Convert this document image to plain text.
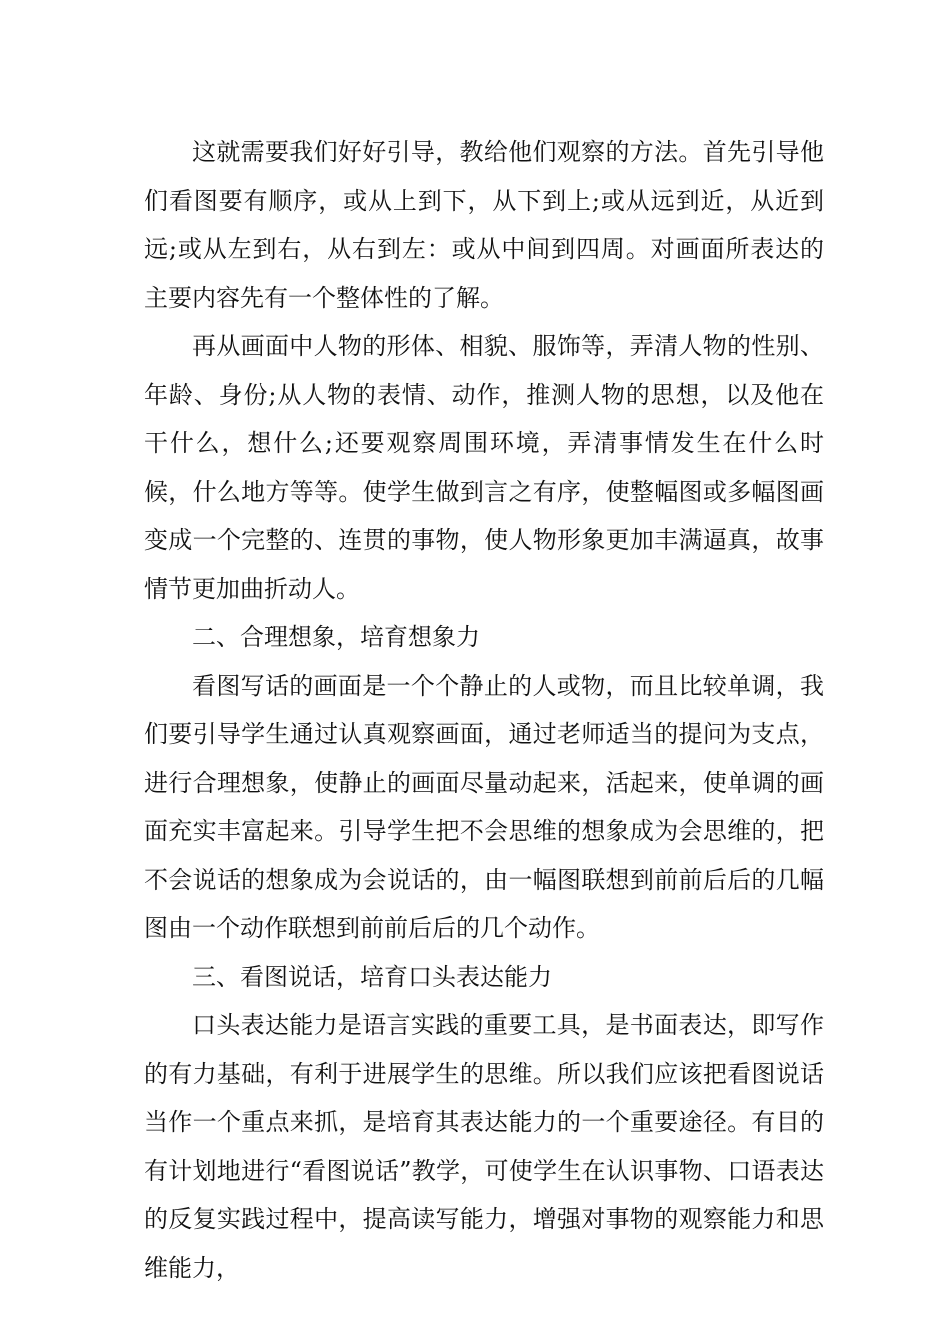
这就需要我们好好引导，教给他们观察的方法。首先引导他们看图要有顺序，或从上到下，从下到上;或从远到近，从近到远;或从左到右，从右到左：或从中间到四周。对画面所表达的主要内容先有一个整体性的了解。

再从画面中人物的形体、相貌、服饰等，弄清人物的性别、年龄、身份;从人物的表情、动作，推测人物的思想，以及他在干什么，想什么;还要观察周围环境，弄清事情发生在什么时候，什么地方等等。使学生做到言之有序，使整幅图或多幅图画变成一个完整的、连贯的事物，使人物形象更加丰满逼真，故事情节更加曲折动人。

二、合理想象，培育想象力

看图写话的画面是一个个静止的人或物，而且比较单调，我们要引导学生通过认真观察画面，通过老师适当的提问为支点，进行合理想象，使静止的画面尽量动起来，活起来，使单调的画面充实丰富起来。引导学生把不会思维的想象成为会思维的，把不会说话的想象成为会说话的，由一幅图联想到前前后后的几幅图由一个动作联想到前前后后的几个动作。

三、看图说话，培育口头表达能力

口头表达能力是语言实践的重要工具，是书面表达，即写作的有力基础，有利于进展学生的思维。所以我们应该把看图说话当作一个重点来抓，是培育其表达能力的一个重要途径。有目的有计划地进行“看图说话”教学，可使学生在认识事物、口语表达的反复实践过程中，提高读写能力，增强对事物的观察能力和思维能力，
